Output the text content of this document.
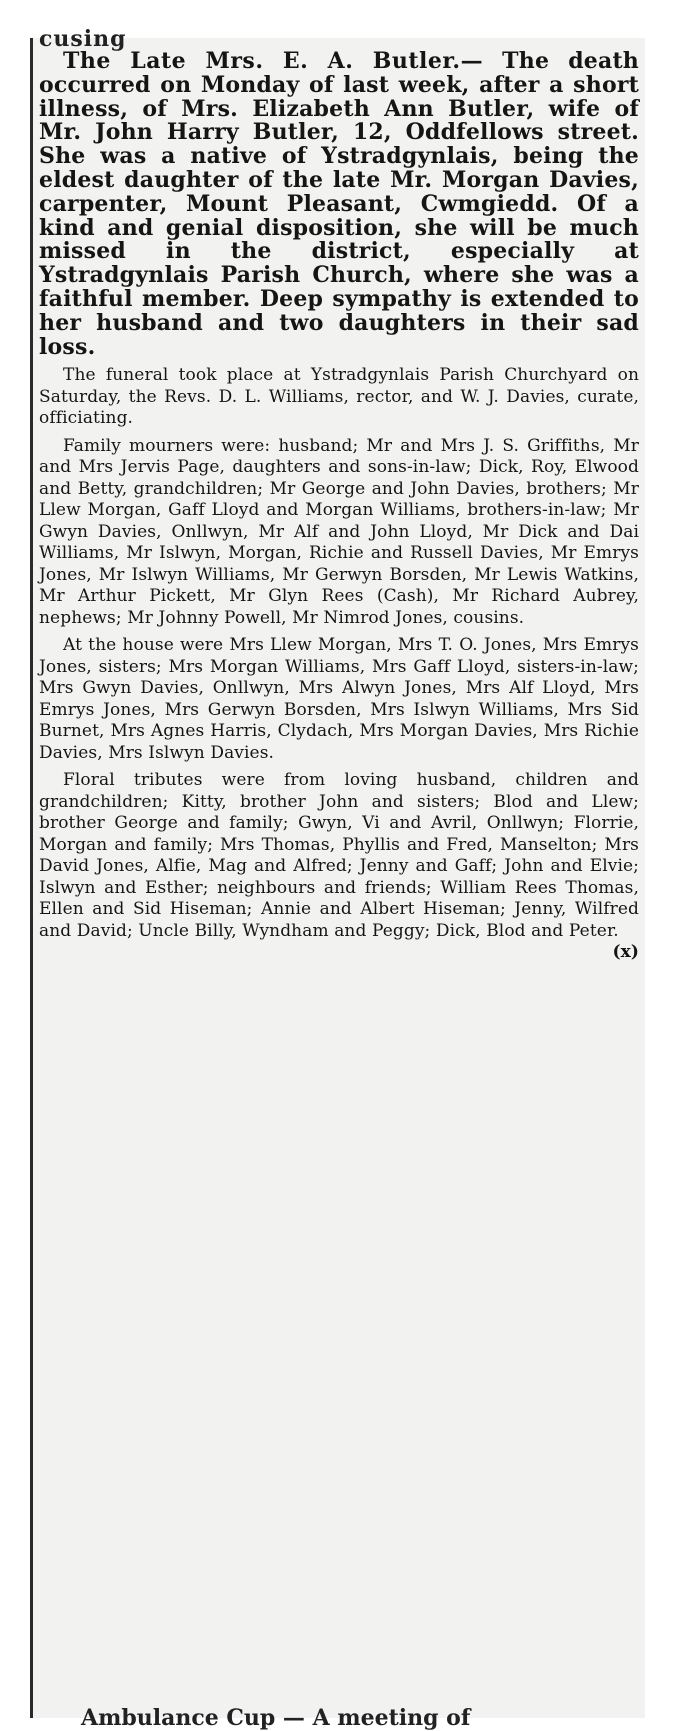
cusing

The Late Mrs. E. A. Butler.— The death occurred on Monday of last week, after a short illness, of Mrs. Elizabeth Ann Butler, wife of Mr. John Harry Butler, 12, Oddfellows street. She was a native of Ystradgynlais, being the eldest daughter of the late Mr. Morgan Davies, carpenter, Mount Pleasant, Cwmgiedd. Of a kind and genial disposition, she will be much missed in the district, especially at Ystradgynlais Parish Church, where she was a faithful member. Deep sympathy is extended to her husband and two daughters in their sad loss.

The funeral took place at Ystradgynlais Parish Churchyard on Saturday, the Revs. D. L. Williams, rector, and W. J. Davies, curate, officiating.

Family mourners were: husband; Mr and Mrs J. S. Griffiths, Mr and Mrs Jervis Page, daughters and sons-in-law; Dick, Roy, Elwood and Betty, grandchildren; Mr George and John Davies, brothers; Mr Llew Morgan, Gaff Lloyd and Morgan Williams, brothers-in-law; Mr Gwyn Davies, Onllwyn, Mr Alf and John Lloyd, Mr Dick and Dai Williams, Mr Islwyn, Morgan, Richie and Russell Davies, Mr Emrys Jones, Mr Islwyn Williams, Mr Gerwyn Borsden, Mr Lewis Watkins, Mr Arthur Pickett, Mr Glyn Rees (Cash), Mr Richard Aubrey, nephews; Mr Johnny Powell, Mr Nimrod Jones, cousins.

At the house were Mrs Llew Morgan, Mrs T. O. Jones, Mrs Emrys Jones, sisters; Mrs Morgan Williams, Mrs Gaff Lloyd, sisters-in-law; Mrs Gwyn Davies, Onllwyn, Mrs Alwyn Jones, Mrs Alf Lloyd, Mrs Emrys Jones, Mrs Gerwyn Borsden, Mrs Islwyn Williams, Mrs Sid Burnet, Mrs Agnes Harris, Clydach, Mrs Morgan Davies, Mrs Richie Davies, Mrs Islwyn Davies.

Floral tributes were from loving husband, children and grandchildren; Kitty, brother John and sisters; Blod and Llew; brother George and family; Gwyn, Vi and Avril, Onllwyn; Florrie, Morgan and family; Mrs Thomas, Phyllis and Fred, Manselton; Mrs David Jones, Alfie, Mag and Alfred; Jenny and Gaff; John and Elvie; Islwyn and Esther; neighbours and friends; William Rees Thomas, Ellen and Sid Hiseman; Annie and Albert Hiseman; Jenny, Wilfred and David; Uncle Billy, Wyndham and Peggy; Dick, Blod and Peter.
(x)

Ambulance Cup — A meeting of
